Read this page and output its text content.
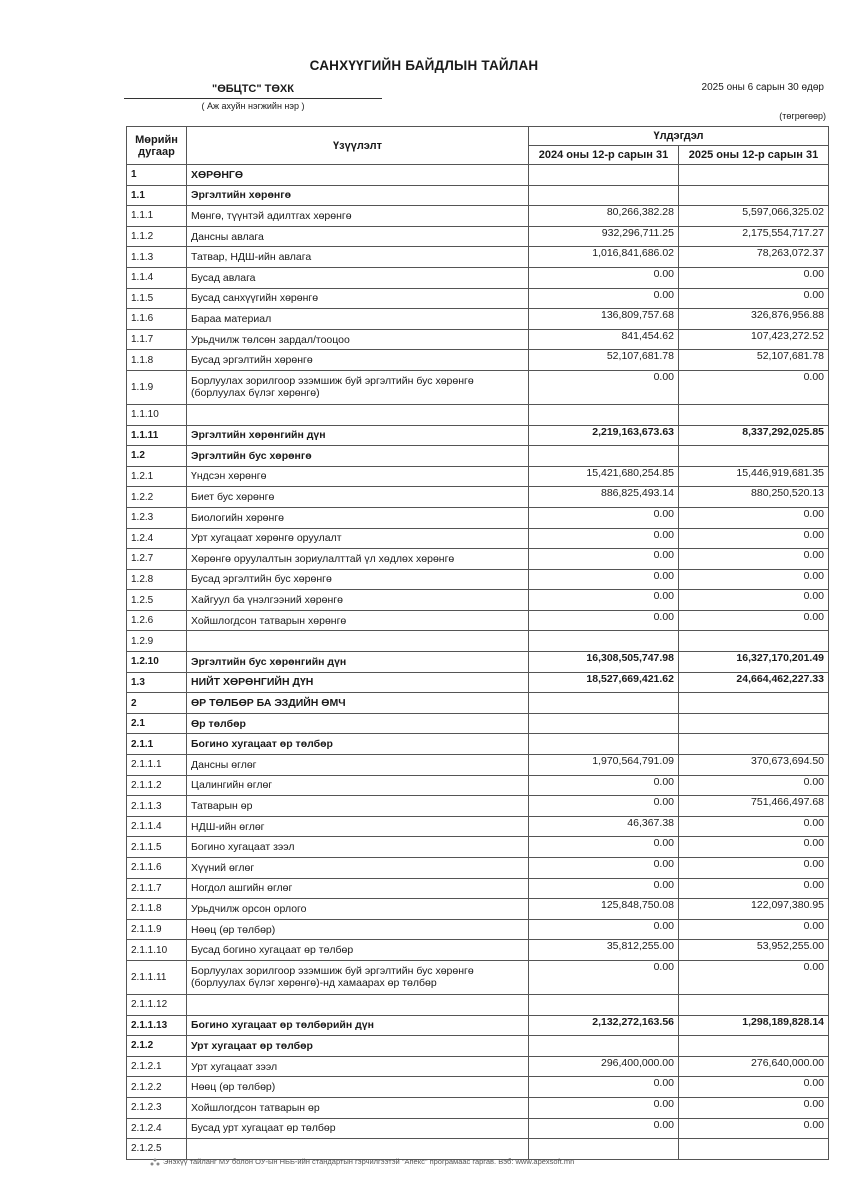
САНХҮҮГИЙН БАЙДЛЫН ТАЙЛАН
"ӨБЦТС" ТӨХК
( Аж ахуйн нэгжийн нэр )
2025 оны 6 сарын 30 өдөр
(төгрөгөөр)
Мөрийн дугаар	Үзүүлэлт	Үлдэгдэл	
		2024 оны 12-р сарын 31	2025 оны 12-р сарын 31
1	ХӨРӨНГӨ		
1.1	Эргэлтийн хөрөнгө		
1.1.1	Мөнгө, түүнтэй адилтгах хөрөнгө	80,266,382.28	5,597,066,325.02
1.1.2	Дансны авлага	932,296,711.25	2,175,554,717.27
1.1.3	Татвар, НДШ-ийн авлага	1,016,841,686.02	78,263,072.37
1.1.4	Бусад авлага	0.00	0.00
1.1.5	Бусад санхүүгийн хөрөнгө	0.00	0.00
1.1.6	Бараа материал	136,809,757.68	326,876,956.88
1.1.7	Урьдчилж төлсөн зардал/тооцоо	841,454.62	107,423,272.52
1.1.8	Бусад эргэлтийн хөрөнгө	52,107,681.78	52,107,681.78
1.1.9	Борлуулах зорилгоор эзэмшиж буй эргэлтийн бус хөрөнгө (борлуулах бүлэг хөрөнгө)	0.00	0.00
1.1.10			
1.1.11	Эргэлтийн хөрөнгийн дүн	2,219,163,673.63	8,337,292,025.85
1.2	Эргэлтийн бус хөрөнгө		
1.2.1	Үндсэн хөрөнгө	15,421,680,254.85	15,446,919,681.35
1.2.2	Биет бус хөрөнгө	886,825,493.14	880,250,520.13
1.2.3	Биологийн хөрөнгө	0.00	0.00
1.2.4	Урт хугацаат хөрөнгө оруулалт	0.00	0.00
1.2.7	Хөрөнгө оруулалтын зориулалттай үл хөдлөх хөрөнгө	0.00	0.00
1.2.8	Бусад эргэлтийн бус хөрөнгө	0.00	0.00
1.2.5	Хайгуул ба үнэлгээний хөрөнгө	0.00	0.00
1.2.6	Хойшлогдсон татварын хөрөнгө	0.00	0.00
1.2.9			
1.2.10	Эргэлтийн бус хөрөнгийн дүн	16,308,505,747.98	16,327,170,201.49
1.3	НИЙТ ХӨРӨНГИЙН ДҮН	18,527,669,421.62	24,664,462,227.33
2	ӨР ТӨЛБӨР БА ЭЗДИЙН ӨМЧ		
2.1	Өр төлбөр		
2.1.1	Богино хугацаат өр төлбөр		
2.1.1.1	Дансны өглөг	1,970,564,791.09	370,673,694.50
2.1.1.2	Цалингийн өглөг	0.00	0.00
2.1.1.3	Татварын өр	0.00	751,466,497.68
2.1.1.4	НДШ-ийн өглөг	46,367.38	0.00
2.1.1.5	Богино хугацаат зээл	0.00	0.00
2.1.1.6	Хүүний өглөг	0.00	0.00
2.1.1.7	Ногдол ашгийн өглөг	0.00	0.00
2.1.1.8	Урьдчилж орсон орлого	125,848,750.08	122,097,380.95
2.1.1.9	Нөөц (өр төлбөр)	0.00	0.00
2.1.1.10	Бусад богино хугацаат өр төлбөр	35,812,255.00	53,952,255.00
2.1.1.11	Борлуулах зорилгоор эзэмшиж буй эргэлтийн бус хөрөнгө (борлуулах бүлэг хөрөнгө)-нд хамаарах өр төлбөр	0.00	0.00
2.1.1.12			
2.1.1.13	Богино хугацаат өр төлбөрийн дүн	2,132,272,163.56	1,298,189,828.14
2.1.2	Урт хугацаат өр төлбөр		
2.1.2.1	Урт хугацаат зээл	296,400,000.00	276,640,000.00
2.1.2.2	Нөөц (өр төлбөр)	0.00	0.00
2.1.2.3	Хойшлогдсон татварын өр	0.00	0.00
2.1.2.4	Бусад урт хугацаат өр төлбөр	0.00	0.00
2.1.2.5			
Энэхүү тайланг МУ болон ОУ-ын НББ-ийн стандартын гэрчилгээтэй "Апекс" програмаас гаргав. Вэб: www.apexsoft.mn
